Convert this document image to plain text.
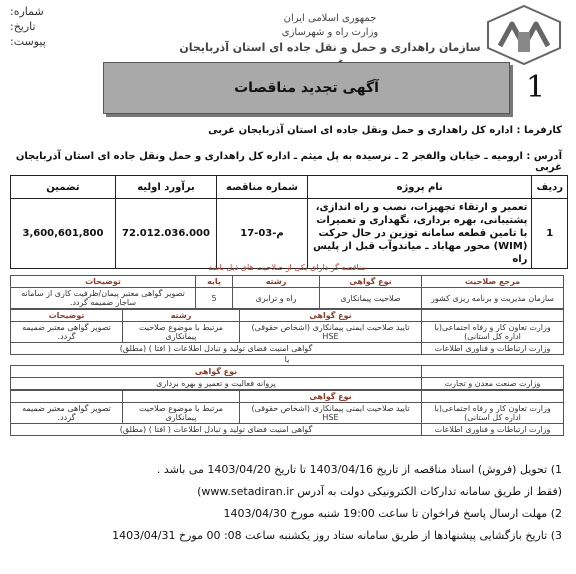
شماره:
تاریخ:
پیوست:
جمهوری اسلامی ایران
وزارت راه و شهرسازی
سازمان راهداری و حمل و نقل جاده ای استان آذربایجان
آگهی تجدید مناقصات	1
کارفرما : اداره کل راهداری و حمل ونقل جاده ای استان آذربایجان غربی
آدرس : ارومیه ـ خیابان والفجر 2 ـ نرسیده به پل میثم ـ اداره کل راهداری و حمل ونقل جاده ای استان آذربایجان غربی
ردیف	نام پروژه	شماره مناقصه	برآورد اولیه	تضمین
1	تعمیر و ارتقاء تجهیزات، نصب و راه اندازی، پشتیبانی، بهره برداری، نگهداری و تعمیرات با تامین قطعه سامانه توزین در حال حرکت (WIM) محور مهاباد ـ میاندوآب قبل از پلیس راه	17-م-03	72.012.036.000	3,600,601,800
مناقصه گر دارای یکی از صلاحیت های ذیل باشد
مرجع صلاحیت	نوع گواهی	رشته	پایه	توضیحات
سازمان مدیریت و برنامه ریزی کشور	صلاحیت پیمانکاری	راه و ترابری	5	تصویر گواهی معتبر پیمان/ظرفیت کاری از سامانه ساجار ضمیمه گردد.
	نوع گواهی	رشته	توضیحات
وزارت تعاون کار و رفاه اجتماعی(با اداره کل استانی)	تایید صلاحیت ایمنی پیمانکاری (اشخاص حقوقی) HSE	مرتبط با موضوع صلاحیت پیمانکاری	تصویر گواهی معتبر ضمیمه گردد.
وزارت ارتباطات و فناوری اطلاعات	گواهی امنیت فضای تولید و تبادل اطلاعات ( افتا ) (مطلق)		
یا
	نوع گواهی
وزارت صنعت معدن و تجارت	پروانه فعالیت و تعمیر و بهره برداری
	نوع گواهی		
وزارت تعاون کار و رفاه اجتماعی(با اداره کل استانی)	تایید صلاحیت ایمنی پیمانکاری (اشخاص حقوقی) HSE	مرتبط با موضوع صلاحیت پیمانکاری	تصویر گواهی معتبر ضمیمه گردد.
وزارت ارتباطات و فناوری اطلاعات	گواهی امنیت فضای تولید و تبادل اطلاعات ( افتا ) (مطلق)		
1) تحویل (فروش) اسناد مناقصه از تاریخ 1403/04/16 تا تاریخ 1403/04/20 می باشد .
(فقط از طریق سامانه تدارکات الکترونیکی دولت به آدرس www.setadiran.ir)
2) مهلت ارسال پاسخ فراخوان تا ساعت 19:00 شنبه مورخ 1403/04/30
3) تاریخ بازگشایی پیشنهادها از طریق سامانه ستاد روز یکشنبه ساعت 08: 00 مورخ 1403/04/31
